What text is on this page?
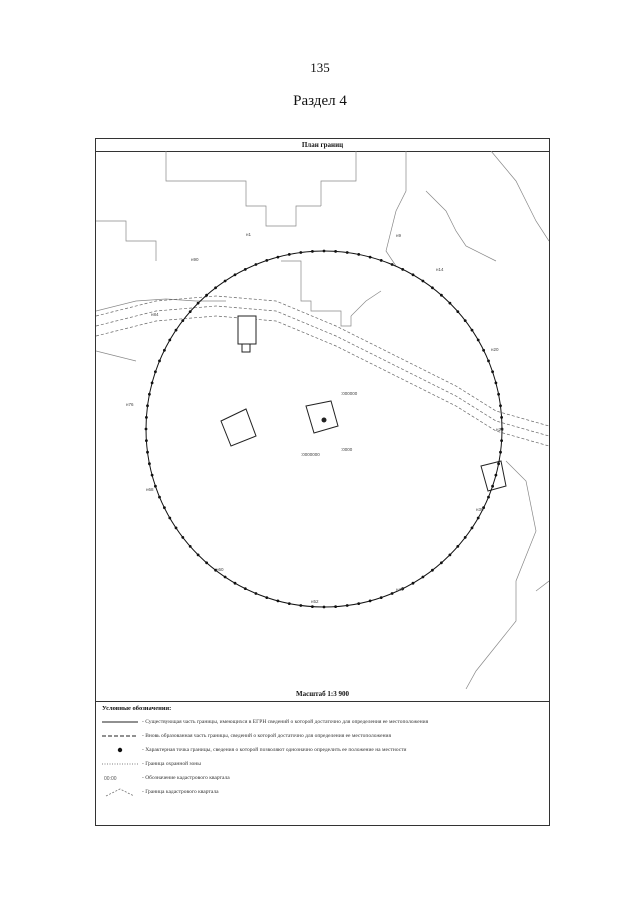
135
Раздел 4
План границ
:0000000
:0000
:000000
н1	н9
н14
н20
н28
н36
н44
н52
н60
н68
н76
н84
н90
Масштаб 1:3 900
Условные обозначения:
- Существующая часть границы, имеющихся в ЕГРН сведений о которой достаточно для определения ее местоположения
- Вновь образованная часть границы, сведений о которой достаточно для определения ее местоположения
- Характерная точка границы, сведения о которой позволяют однозначно определить ее положение на местности
- Граница охранной зоны
00:00	- Обозначение кадастрового квартала
- Граница кадастрового квартала
